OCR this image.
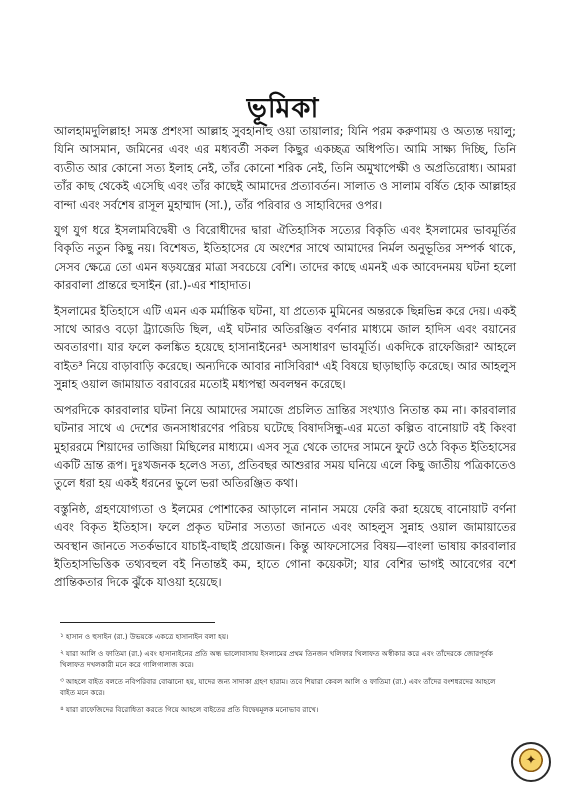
ভূমিকা

আলহামদুলিল্লাহ! সমস্ত প্রশংসা আল্লাহ সুবহানাহু ওয়া তায়ালার; যিনি পরম করুণাময় ও অত্যন্ত দয়ালু; যিনি আসমান, জমিনের এবং এর মধ্যবর্তী সকল কিছুর একচ্ছত্র অধিপতি। আমি সাক্ষ্য দিচ্ছি, তিনি ব্যতীত আর কোনো সত্য ইলাহ নেই, তাঁর কোনো শরিক নেই, তিনি অমুখাপেক্ষী ও অপ্রতিরোধ্য। আমরা তাঁর কাছ থেকেই এসেছি এবং তাঁর কাছেই আমাদের প্রত্যাবর্তন। সালাত ও সালাম বর্ষিত হোক আল্লাহর বান্দা এবং সর্বশেষ রাসূল মুহাম্মাদ (সা.), তাঁর পরিবার ও সাহাবিদের ওপর।

যুগ যুগ ধরে ইসলামবিদ্বেষী ও বিরোধীদের দ্বারা ঐতিহাসিক সত্যের বিকৃতি এবং ইসলামের ভাবমূর্তির বিকৃতি নতুন কিছু নয়। বিশেষত, ইতিহাসের যে অংশের সাথে আমাদের নির্মল অনুভূতির সম্পর্ক থাকে, সেসব ক্ষেত্রে তো এমন ষড়যন্ত্রের মাত্রা সবচেয়ে বেশি। তাদের কাছে এমনই এক আবেদনময় ঘটনা হলো কারবালা প্রান্তরে হুসাইন (রা.)-এর শাহাদাত।

ইসলামের ইতিহাসে এটি এমন এক মর্মান্তিক ঘটনা, যা প্রত্যেক মুমিনের অন্তরকে ছিন্নভিন্ন করে দেয়। একই সাথে আরও বড়ো ট্র্যাজেডি ছিল, এই ঘটনার অতিরঞ্জিত বর্ণনার মাধ্যমে জাল হাদিস এবং বয়ানের অবতারণা। যার ফলে কলঙ্কিত হয়েছে হাসানাইনের¹ অসাধারণ ভাবমূর্তি। একদিকে রাফেজিরা² আহলে বাইত³ নিয়ে বাড়াবাড়ি করেছে। অন্যদিকে আবার নাসিবিরা⁴ এই বিষয়ে ছাড়াছাড়ি করেছে। আর আহলুস সুন্নাহ ওয়াল জামায়াত বরাবরের মতোই মধ্যপন্থা অবলম্বন করেছে।

অপরদিকে কারবালার ঘটনা নিয়ে আমাদের সমাজে প্রচলিত ভ্রান্তির সংখ্যাও নিতান্ত কম না। কারবালার ঘটনার সাথে এ দেশের জনসাধারণের পরিচয় ঘটেছে বিষাদসিন্ধু-এর মতো কল্পিত বানোয়াট বই কিংবা মুহাররমে শিয়াদের তাজিয়া মিছিলের মাধ্যমে। এসব সূত্র থেকে তাদের সামনে ফুটে ওঠে বিকৃত ইতিহাসের একটি ভ্রান্ত রূপ। দুঃখজনক হলেও সত্য, প্রতিবছর আশুরার সময় ঘনিয়ে এলে কিছু জাতীয় পত্রিকাতেও তুলে ধরা হয় একই ধরনের ভুলে ভরা অতিরঞ্জিত কথা।

বস্তুনিষ্ঠ, গ্রহণযোগ্যতা ও ইলমের পোশাকের আড়ালে নানান সময়ে ফেরি করা হয়েছে বানোয়াট বর্ণনা এবং বিকৃত ইতিহাস। ফলে প্রকৃত ঘটনার সত্যতা জানতে এবং আহলুস সুন্নাহ ওয়াল জামায়াতের অবস্থান জানতে সতর্কভাবে যাচাই-বাছাই প্রয়োজন। কিন্তু আফসোসের বিষয়—বাংলা ভাষায় কারবালার ইতিহাসভিত্তিক তথ্যবহুল বই নিতান্তই কম, হাতে গোনা কয়েকটা; যার বেশির ভাগই আবেগের বশে প্রান্তিকতার দিকে ঝুঁকে যাওয়া হয়েছে।

$^১$ হাসান ও হুসাইন (রা.) উভয়কে একত্রে হাসানাইন বলা হয়।

$^২$ যারা আলি ও ফাতিমা (রা.) এবং হাসানাইনের প্রতি অন্ধ ভালোবাসায় ইসলামের প্রথম তিনজন খলিফার খিলাফত অস্বীকার করে এবং তাঁদেরকে জোরপূর্বক খিলাফত দখলকারী মনে করে গালিগালাজ করে।

$^৩$ আহলে বাইত বলতে নবিপরিবার বোঝানো হয়, যাদের জন্য সাদাকা গ্রহণ হারাম। তবে শিয়ারা কেবল আলি ও ফাতিমা (রা.) এবং তাঁদের বংশধরদের আহলে বাইত মনে করে।

$^৪$ যারা রাফেজিদের বিরোধিতা করতে গিয়ে আহলে বাইতের প্রতি বিদ্বেষমূলক মনোভাব রাখে।

✦
